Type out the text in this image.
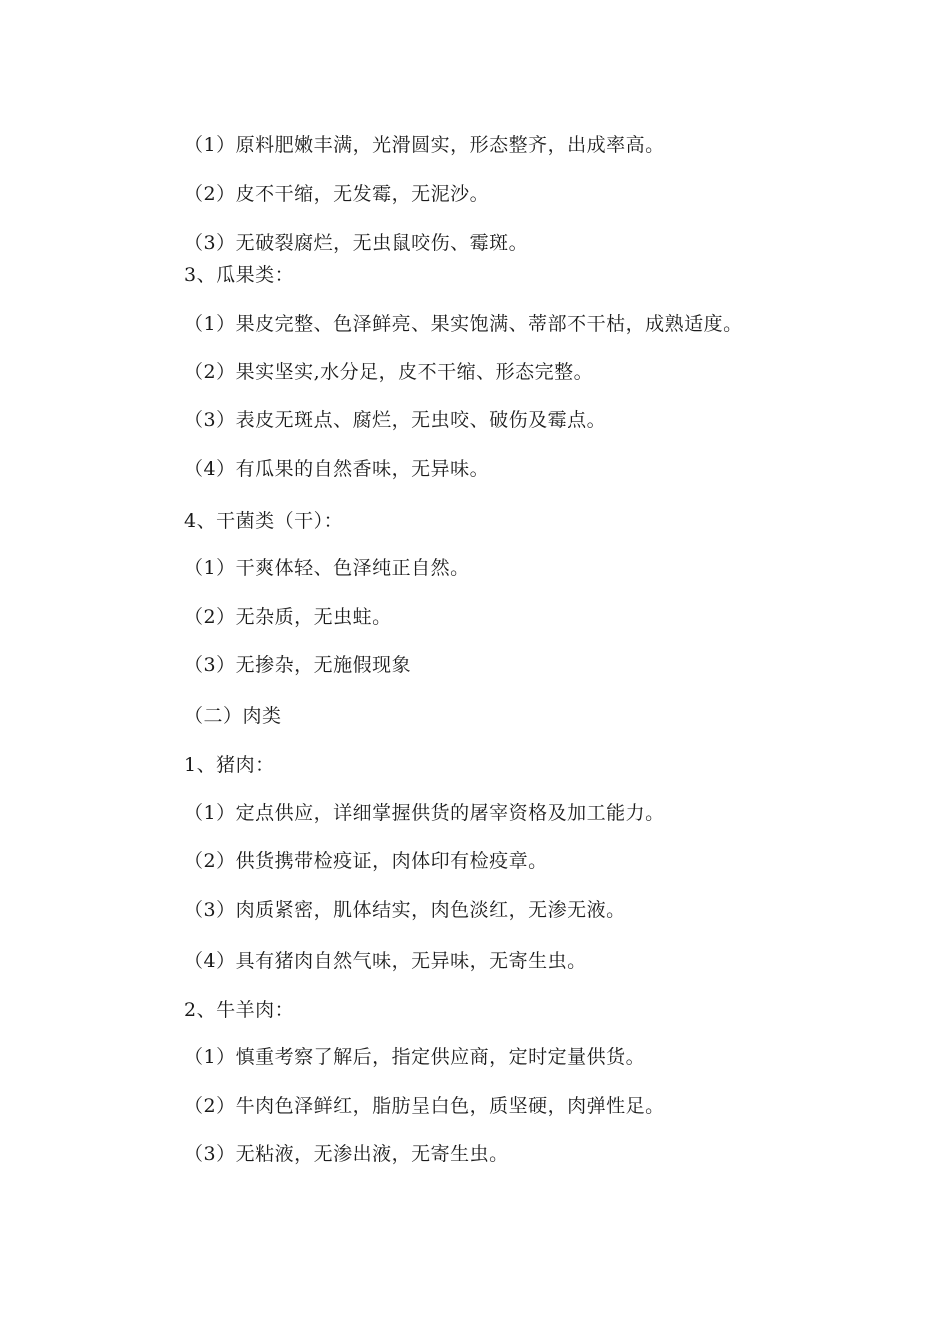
（1）原料肥嫩丰满，光滑圆实，形态整齐，出成率高。
（2）皮不干缩，无发霉，无泥沙。
（3）无破裂腐烂，无虫鼠咬伤、霉斑。
3、瓜果类：
（1）果皮完整、色泽鲜亮、果实饱满、蒂部不干枯，成熟适度。
（2）果实坚实,水分足，皮不干缩、形态完整。
（3）表皮无斑点、腐烂，无虫咬、破伤及霉点。
（4）有瓜果的自然香味，无异味。
4、干菌类（干）：
（1）干爽体轻、色泽纯正自然。
（2）无杂质，无虫蛀。
（3）无掺杂，无施假现象
（二）肉类
1、猪肉：
（1）定点供应，详细掌握供货的屠宰资格及加工能力。
（2）供货携带检疫证，肉体印有检疫章。
（3）肉质紧密，肌体结实，肉色淡红，无渗无液。
（4）具有猪肉自然气味，无异味，无寄生虫。
2、牛羊肉：
（1）慎重考察了解后，指定供应商，定时定量供货。
（2）牛肉色泽鲜红，脂肪呈白色，质坚硬，肉弹性足。
（3）无粘液，无渗出液，无寄生虫。
